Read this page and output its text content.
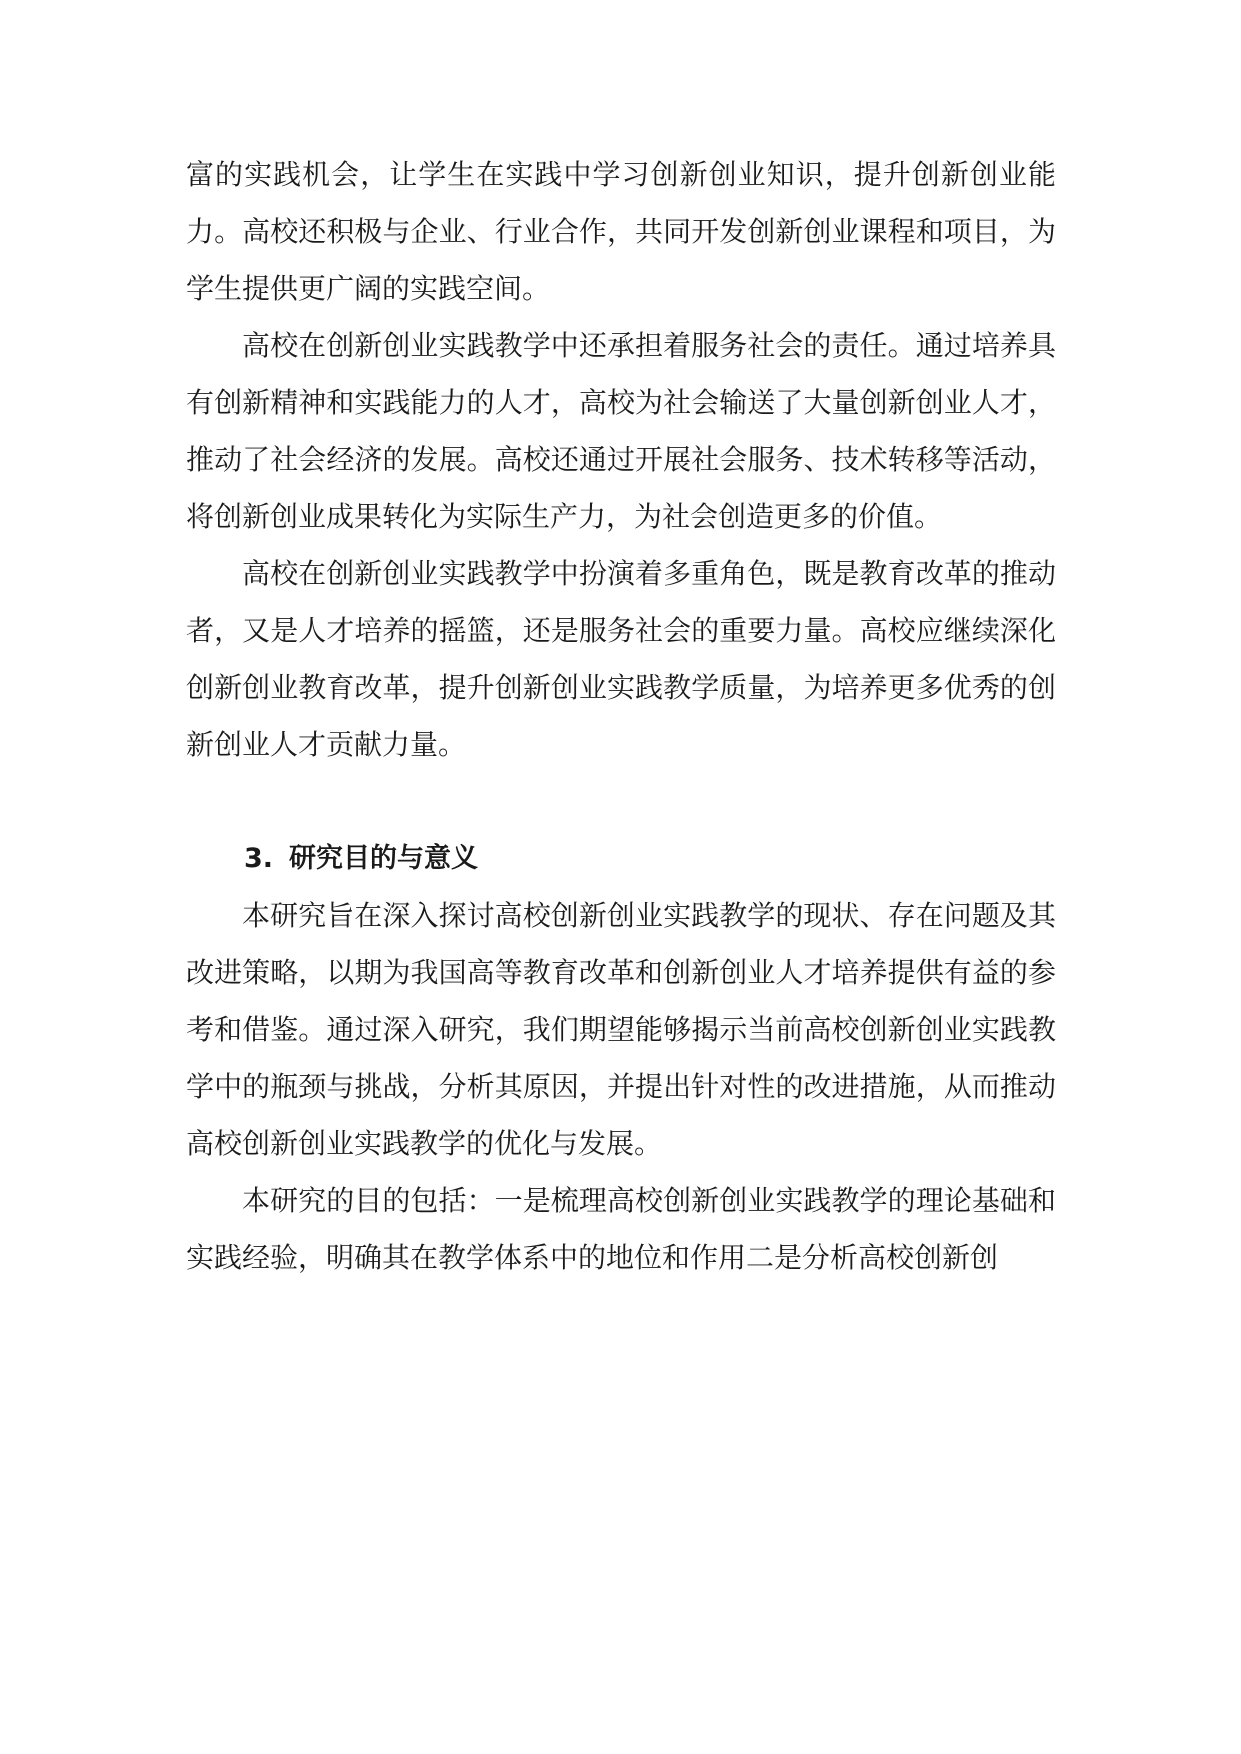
富的实践机会，让学生在实践中学习创新创业知识，提升创新创业能力。高校还积极与企业、行业合作，共同开发创新创业课程和项目，为学生提供更广阔的实践空间。

高校在创新创业实践教学中还承担着服务社会的责任。通过培养具有创新精神和实践能力的人才，高校为社会输送了大量创新创业人才，推动了社会经济的发展。高校还通过开展社会服务、技术转移等活动，将创新创业成果转化为实际生产力，为社会创造更多的价值。

高校在创新创业实践教学中扮演着多重角色，既是教育改革的推动者，又是人才培养的摇篮，还是服务社会的重要力量。高校应继续深化创新创业教育改革，提升创新创业实践教学质量，为培养更多优秀的创新创业人才贡献力量。

3. 研究目的与意义

本研究旨在深入探讨高校创新创业实践教学的现状、存在问题及其改进策略，以期为我国高等教育改革和创新创业人才培养提供有益的参考和借鉴。通过深入研究，我们期望能够揭示当前高校创新创业实践教学中的瓶颈与挑战，分析其原因，并提出针对性的改进措施，从而推动高校创新创业实践教学的优化与发展。

本研究的目的包括：一是梳理高校创新创业实践教学的理论基础和实践经验，明确其在教学体系中的地位和作用二是分析高校创新创
